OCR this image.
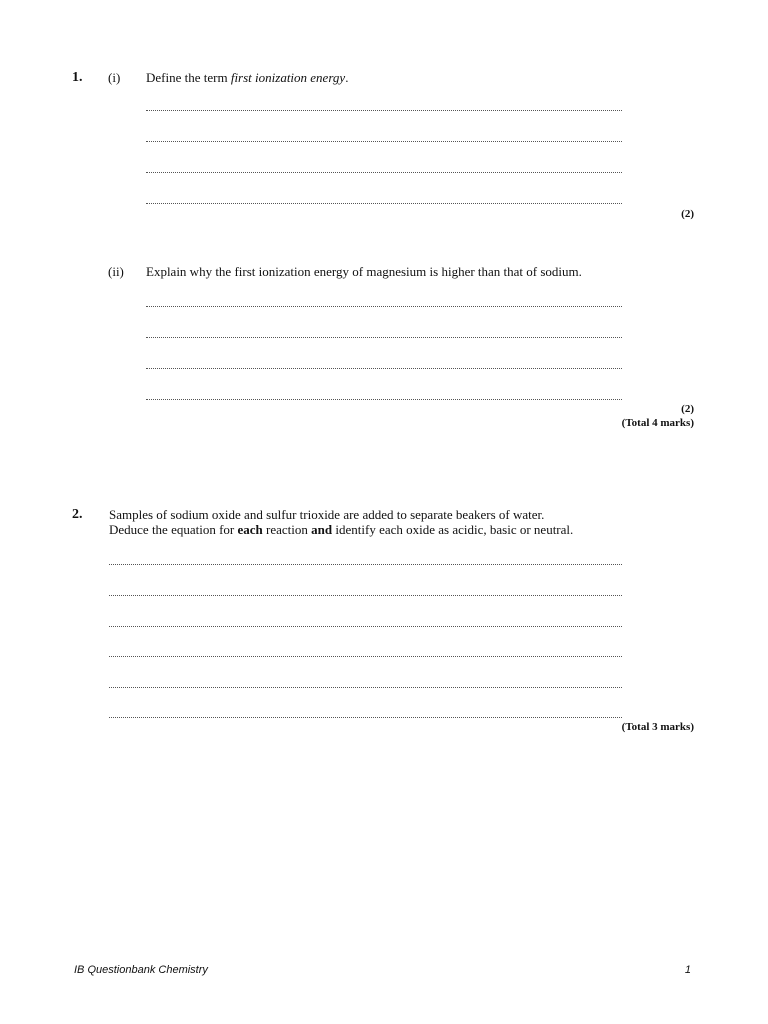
1. (i) Define the term first ionization energy.
(2)
(ii) Explain why the first ionization energy of magnesium is higher than that of sodium.
(2)
(Total 4 marks)
2. Samples of sodium oxide and sulfur trioxide are added to separate beakers of water.
Deduce the equation for each reaction and identify each oxide as acidic, basic or neutral.
(Total 3 marks)
IB Questionbank Chemistry	1
